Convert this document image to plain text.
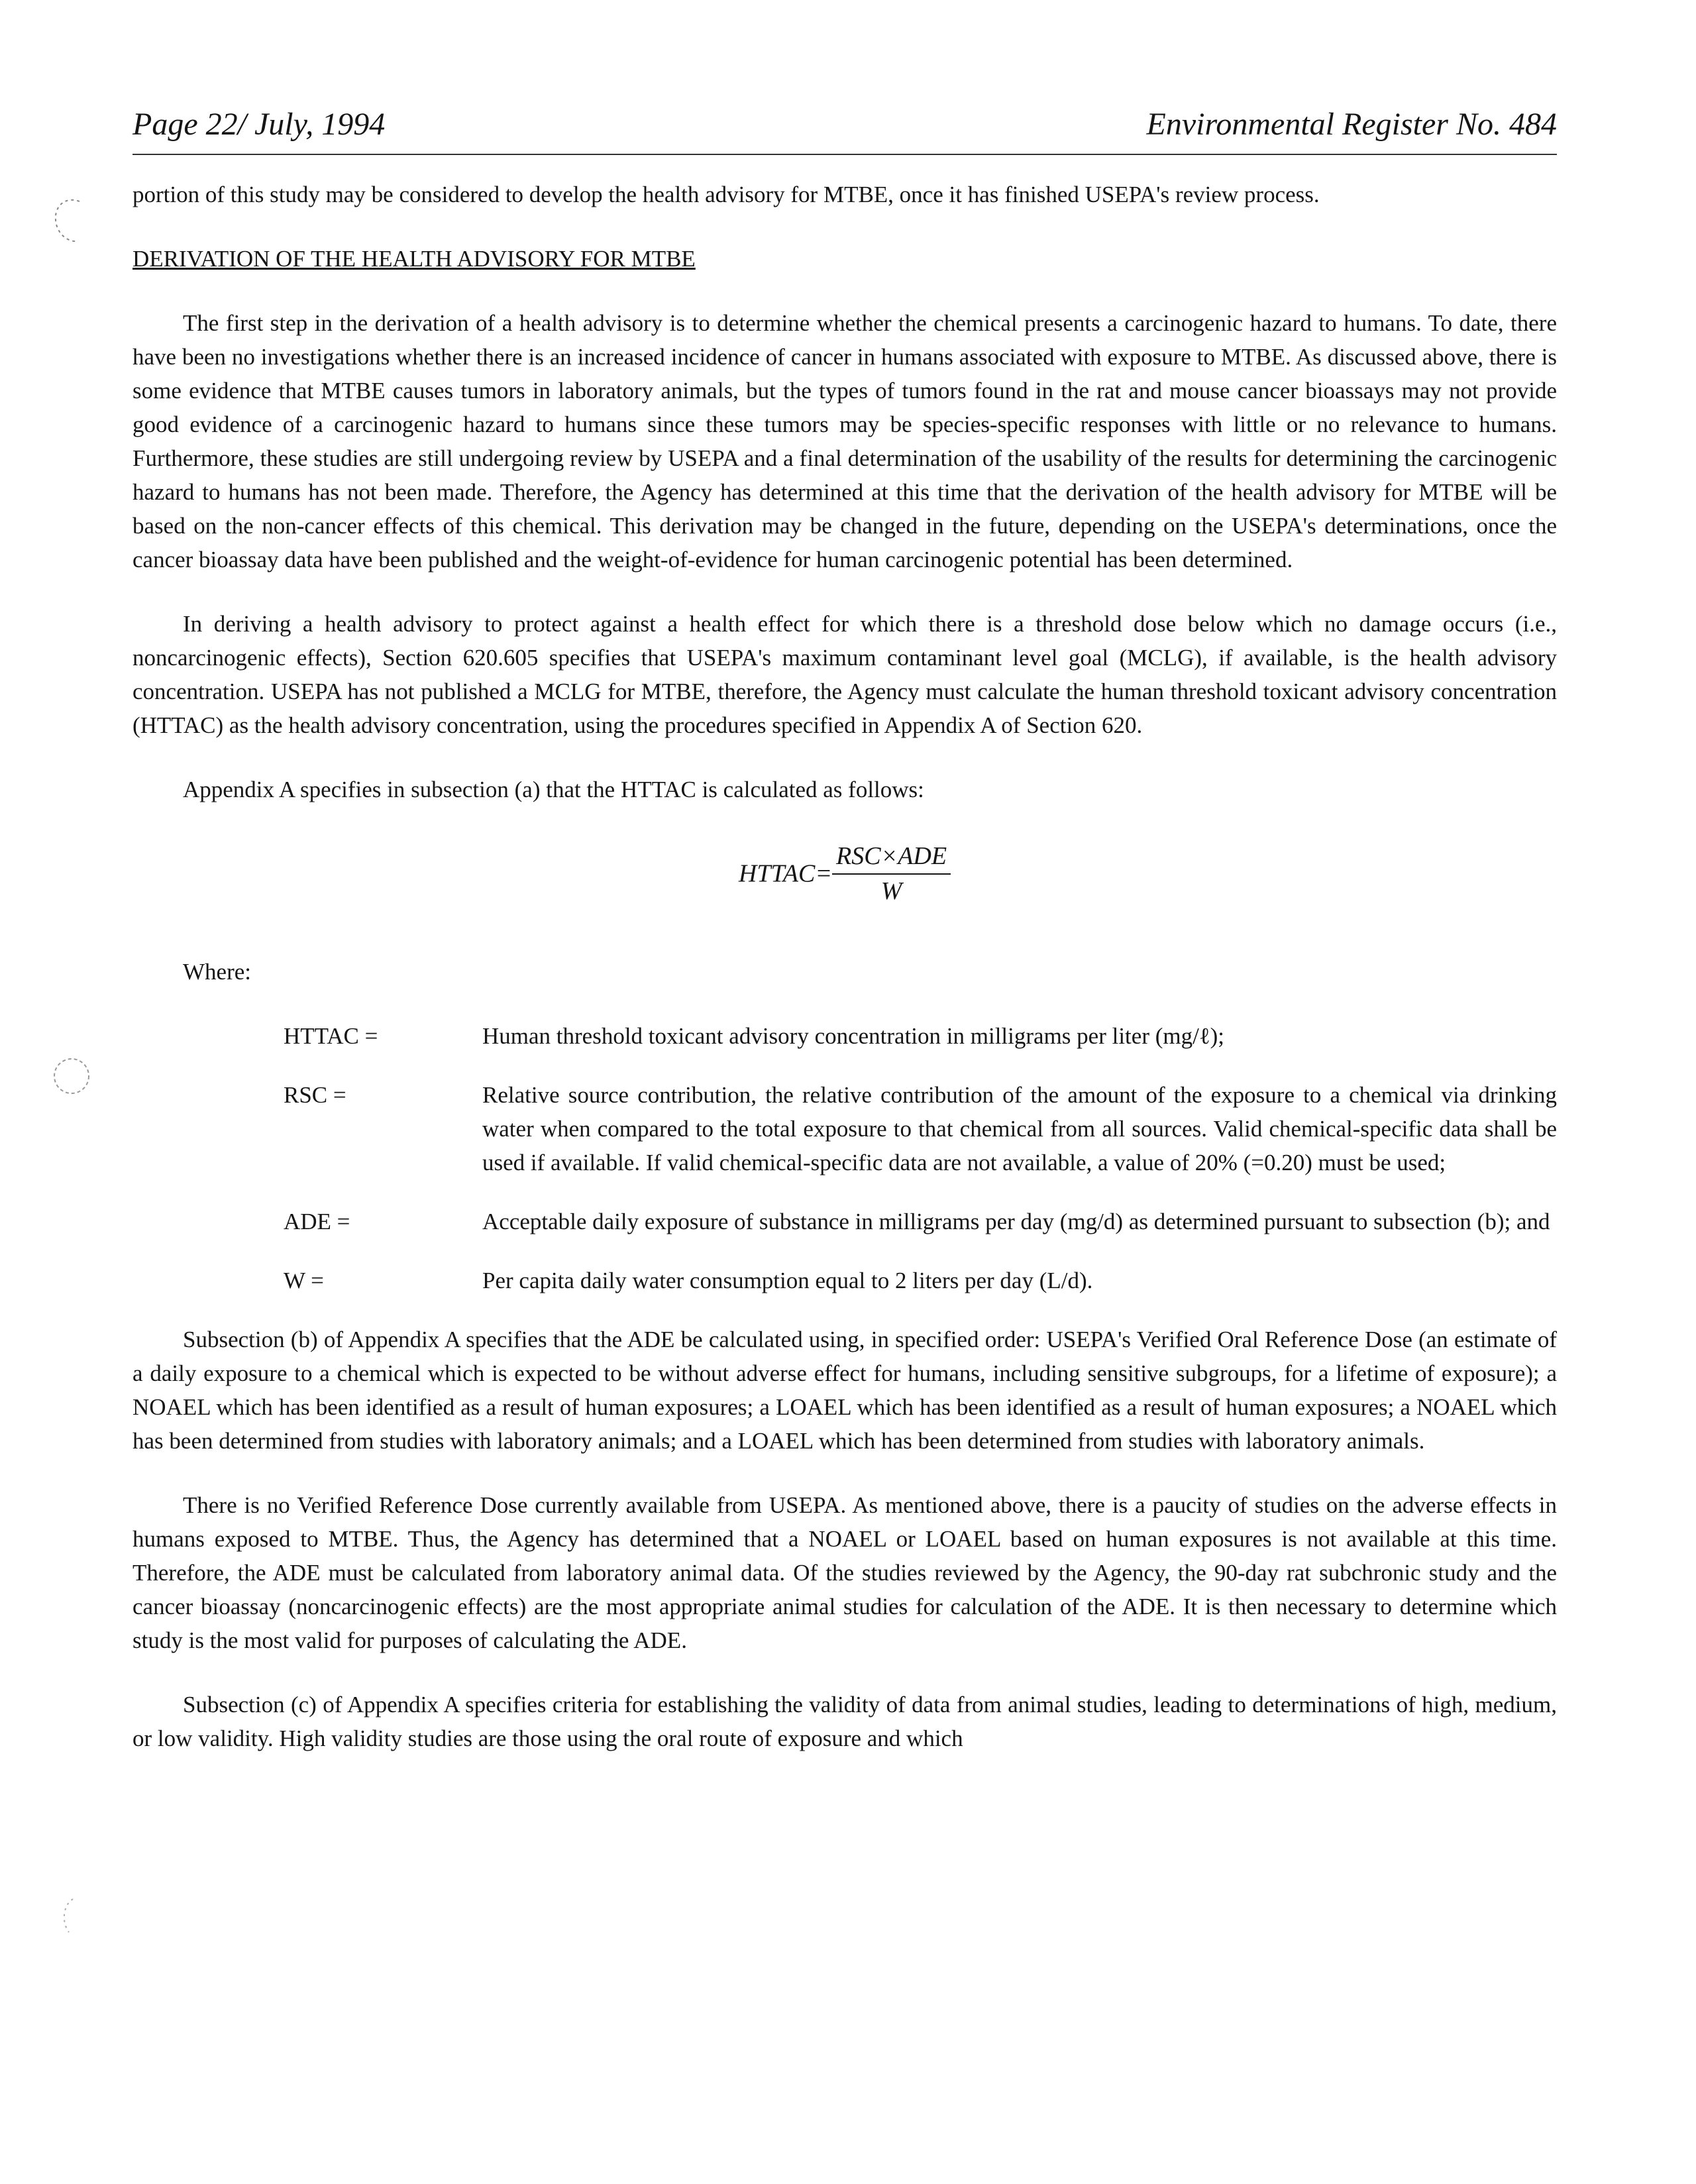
Page 22/ July, 1994	Environmental Register No. 484

portion of this study may be considered to develop the health advisory for MTBE, once it has finished USEPA's review process.

DERIVATION OF THE HEALTH ADVISORY FOR MTBE

The first step in the derivation of a health advisory is to determine whether the chemical presents a carcinogenic hazard to humans. To date, there have been no investigations whether there is an increased incidence of cancer in humans associated with exposure to MTBE. As discussed above, there is some evidence that MTBE causes tumors in laboratory animals, but the types of tumors found in the rat and mouse cancer bioassays may not provide good evidence of a carcinogenic hazard to humans since these tumors may be species-specific responses with little or no relevance to humans. Furthermore, these studies are still undergoing review by USEPA and a final determination of the usability of the results for determining the carcinogenic hazard to humans has not been made. Therefore, the Agency has determined at this time that the derivation of the health advisory for MTBE will be based on the non-cancer effects of this chemical. This derivation may be changed in the future, depending on the USEPA's determinations, once the cancer bioassay data have been published and the weight-of-evidence for human carcinogenic potential has been determined.

In deriving a health advisory to protect against a health effect for which there is a threshold dose below which no damage occurs (i.e., noncarcinogenic effects), Section 620.605 specifies that USEPA's maximum contaminant level goal (MCLG), if available, is the health advisory concentration. USEPA has not published a MCLG for MTBE, therefore, the Agency must calculate the human threshold toxicant advisory concentration (HTTAC) as the health advisory concentration, using the procedures specified in Appendix A of Section 620.

Appendix A specifies in subsection (a) that the HTTAC is calculated as follows:

HTTAC= $\frac{\text{RSC×ADE}}{W}$

Where:

HTTAC =	Human threshold toxicant advisory concentration in milligrams per liter (mg/ℓ);
RSC =	Relative source contribution, the relative contribution of the amount of the exposure to a chemical via drinking water when compared to the total exposure to that chemical from all sources. Valid chemical-specific data shall be used if available. If valid chemical-specific data are not available, a value of 20% (=0.20) must be used;
ADE =	Acceptable daily exposure of substance in milligrams per day (mg/d) as determined pursuant to subsection (b); and
W =	Per capita daily water consumption equal to 2 liters per day (L/d).

Subsection (b) of Appendix A specifies that the ADE be calculated using, in specified order: USEPA's Verified Oral Reference Dose (an estimate of a daily exposure to a chemical which is expected to be without adverse effect for humans, including sensitive subgroups, for a lifetime of exposure); a NOAEL which has been identified as a result of human exposures; a LOAEL which has been identified as a result of human exposures; a NOAEL which has been determined from studies with laboratory animals; and a LOAEL which has been determined from studies with laboratory animals.

There is no Verified Reference Dose currently available from USEPA. As mentioned above, there is a paucity of studies on the adverse effects in humans exposed to MTBE. Thus, the Agency has determined that a NOAEL or LOAEL based on human exposures is not available at this time. Therefore, the ADE must be calculated from laboratory animal data. Of the studies reviewed by the Agency, the 90-day rat subchronic study and the cancer bioassay (noncarcinogenic effects) are the most appropriate animal studies for calculation of the ADE. It is then necessary to determine which study is the most valid for purposes of calculating the ADE.

Subsection (c) of Appendix A specifies criteria for establishing the validity of data from animal studies, leading to determinations of high, medium, or low validity. High validity studies are those using the oral route of exposure and which
